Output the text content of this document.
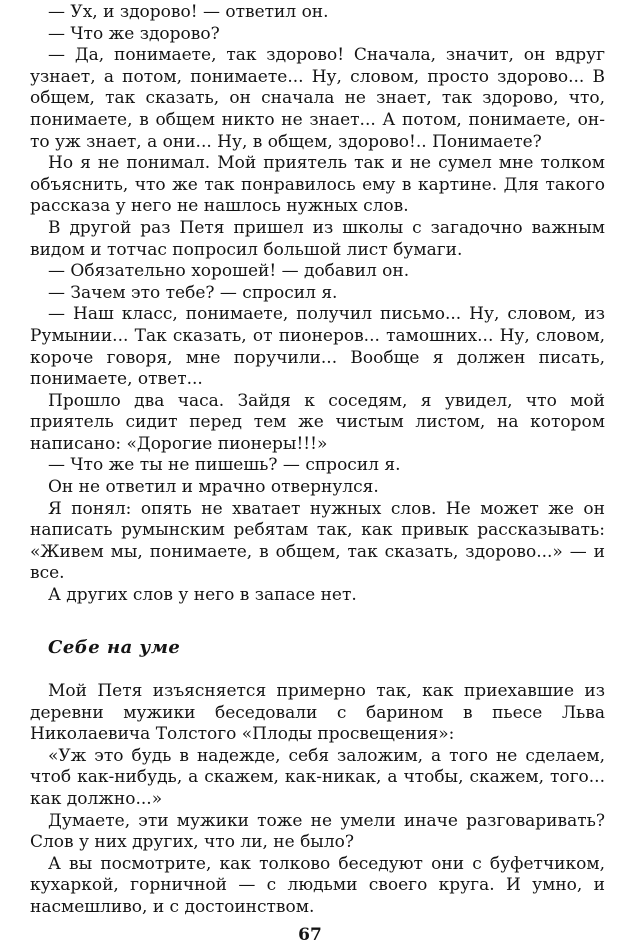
— Ух, и здорово! — ответил он.

— Что же здорово?

— Да, понимаете, так здорово! Сначала, значит, он вдруг узнает, а потом, понимаете... Ну, словом, просто здорово... В общем, так сказать, он сначала не знает, так здорово, что, понимаете, в общем никто не знает... А потом, понимаете, он-то уж знает, а они... Ну, в общем, здорово!.. Понимаете?

Но я не понимал. Мой приятель так и не сумел мне толком объяснить, что же так понравилось ему в картине. Для такого рассказа у него не нашлось нужных слов.

В другой раз Петя пришел из школы с загадочно важным видом и тотчас попросил большой лист бумаги.

— Обязательно хорошей! — добавил он.

— Зачем это тебе? — спросил я.

— Наш класс, понимаете, получил письмо... Ну, словом, из Румынии... Так сказать, от пионеров... тамошних... Ну, словом, короче говоря, мне поручили... Вообще я должен писать, понимаете, ответ...

Прошло два часа. Зайдя к соседям, я увидел, что мой приятель сидит перед тем же чистым листом, на котором написано: «Дорогие пионеры!!!»

— Что же ты не пишешь? — спросил я.

Он не ответил и мрачно отвернулся.

Я понял: опять не хватает нужных слов. Не может же он написать румынским ребятам так, как привык рассказывать: «Живем мы, понимаете, в общем, так сказать, здорово...» — и все.

А других слов у него в запасе нет.

Себе на уме

Мой Петя изъясняется примерно так, как приехавшие из деревни мужики беседовали с барином в пьесе Льва Николаевича Толстого «Плоды просвещения»:

«Уж это будь в надежде, себя заложим, а того не сделаем, чтоб как-нибудь, а скажем, как-никак, а чтобы, скажем, того... как должно...»

Думаете, эти мужики тоже не умели иначе разговаривать? Слов у них других, что ли, не было?

А вы посмотрите, как толково беседуют они с буфетчиком, кухаркой, горничной — с людьми своего круга. И умно, и насмешливо, и с достоинством.

67
